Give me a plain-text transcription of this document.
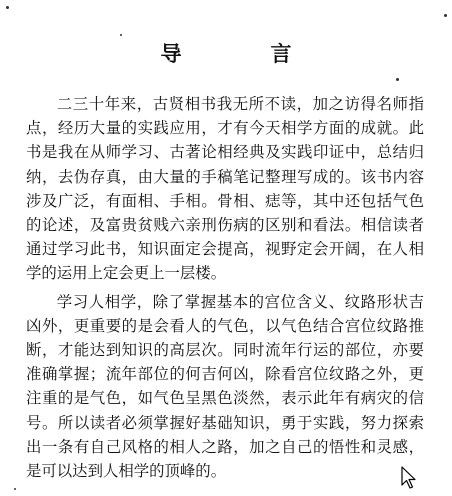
导　言

二三十年来，古贤相书我无所不读，加之访得名师指点，经历大量的实践应用，才有今天相学方面的成就。此书是我在从师学习、古著论相经典及实践印证中，总结归纳，去伪存真，由大量的手稿笔记整理写成的。该书内容涉及广泛，有面相、手相。骨相、痣等，其中还包括气色的论述，及富贵贫贱六亲刑伤病的区别和看法。相信读者通过学习此书，知识面定会提高，视野定会开阔，在人相学的运用上定会更上一层楼。

学习人相学，除了掌握基本的宫位含义、纹路形状吉凶外，更重要的是会看人的气色，以气色结合宫位纹路推断，才能达到知识的高层次。同时流年行运的部位，亦要准确掌握；流年部位的何吉何凶，除看宫位纹路之外，更注重的是气色，如气色呈黑色淡然，表示此年有病灾的信号。所以读者必须掌握好基础知识，勇于实践，努力探索出一条有自己风格的相人之路，加之自己的悟性和灵感，是可以达到人相学的顶峰的。
